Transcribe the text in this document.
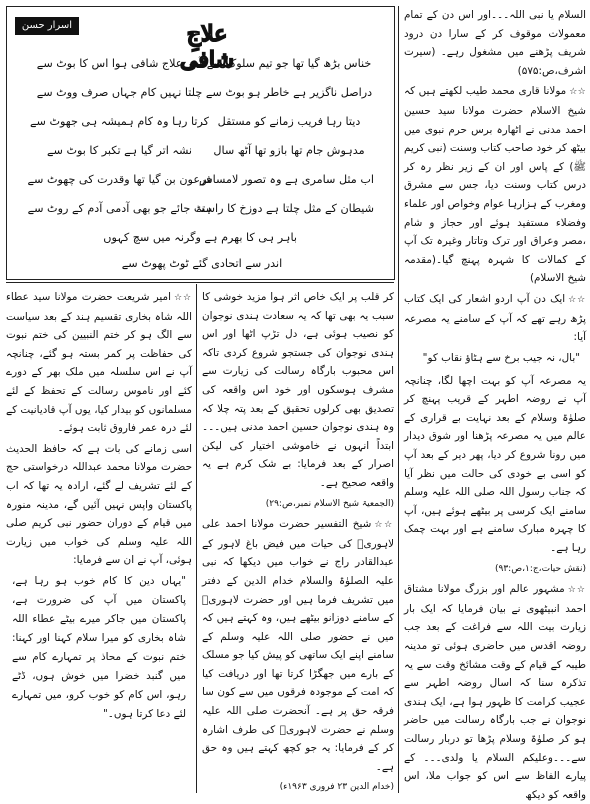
علاجِ شافی
اسرار حسن پوری
خناس بڑھ گیا تھا جو تیم سلوک سے
آخر علاج شافی ہوا اس کا بوٹ سے
دراصل ناگزیر ہے خاطر ہو بوٹ سے
چلتا نہیں کام جہاں صرف ووٹ سے
دیتا رہا فریب زمانے کو مستقل
کرتا رہا وہ کام ہمیشہ ہی جھوٹ سے
مدہوش جام تھا بازو تھا آٹھ سال
نشہ اتر گیا ہے تکبر کا بوٹ سے
اب مثل سامری ہے وہ تصور لامساس
فرعون بن گیا تھا وقدرت کی چھوٹ سے
شیطان کے مثل چلتا ہے دوزخ کا راستہ
ہٹ جائے جو بھی آدمی آدم کے روٹ سے
باہر ہی کا بھرم ہے وگرنہ میں سچ کہوں
اندر سے اتحادی گئے ٹوٹ پھوٹ سے

السلام یا نبی اللہ۔۔۔اور اس دن کے تمام معمولات موقوف کر کے سارا دن درود شریف پڑھنے میں مشغول رہے۔ (سیرت اشرف،ص:۵۷۵)

☆☆مولانا قاری محمد طیب لکھتے ہیں کہ شیخ الاسلام حضرت مولانا سید حسین احمد مدنی نے اٹھارہ برس حرم نبوی میں بیٹھ کر خود صاحب کتاب وسنت (نبی کریم ﷺ) کے پاس اور ان کے زیر نظر رہ کر درس کتاب وسنت دیا، جس سے مشرق ومغرب کے ہزارہا عوام وخواص اور علماء وفضلاء مستفید ہوئے اور حجاز و شام ،مصر وعراق اور ترک وتاتار وغیرہ تک آپ کے کمالات کا شہرہ پہنچ گیا۔(مقدمہ شیخ الاسلام)

☆☆ایک دن آپ اردو اشعار کی ایک کتاب پڑھ رہے تھے کہ آپ کے سامنے یہ مصرعہ آیا:

"بال، نہ جیب برخ سے ہٹاؤ نقاب کو"

یہ مصرعہ آپ کو بہت اچھا لگا، چنانچہ آپ نے روضہ اطہر کے قریب پہنچ کر صلوٰۃ وسلام کے بعد نہایت بے قراری کے عالم میں یہ مصرعہ پڑھنا اور شوق دیدار میں رونا شروع کر دیا، پھر دیر کے بعد آپ کو اسی بے خودی کی حالت میں نظر آیا کہ جناب رسول اللہ صلی اللہ علیہ وسلم سامنے ایک کرسی پر بیٹھے ہوئے ہیں، آپ کا چہرہ مبارک سامنے ہے اور بہت چمک رہا ہے۔

(نقش حیات،ج:۱،ص:۹۳)

☆☆مشہور عالم اور بزرگ مولانا مشتاق احمد انبیٹھوی نے بیان فرمایا کہ ایک بار زیارت بیت اللہ سے فراغت کے بعد جب روضہ اقدس میں حاضری ہوئی تو مدینہ طیبہ کے قیام کے وقت مشائخ وقت سے یہ تذکرہ سنا کہ اسال روضہ اطہر سے عجیب کرامت کا ظہور ہوا ہے، ایک ہندی نوجوان نے جب بارگاہ رسالت میں حاضر ہو کر صلوٰۃ وسلام پڑھا تو دربار رسالت سے۔۔۔وعلیکم السلام یا ولدی۔۔۔ کے پیارے الفاظ سے اس کو جواب ملا، اس واقعہ کو دیکھ

کر قلب پر ایک خاص اثر ہوا مزید خوشی کا سبب یہ بھی تھا کہ یہ سعادت ہندی نوجوان کو نصیب ہوئی ہے، دل تڑپ اٹھا اور اس ہندی نوجوان کی جستجو شروع کردی تاکہ اس محبوب بارگاہ رسالت کی زیارت سے مشرف ہوسکوں اور خود اس واقعہ کی تصدیق بھی کرلوں تحقیق کے بعد پتہ چلا کہ وہ ہندی نوجوان حسین احمد مدنی ہیں۔۔۔ ابتداً انہوں نے خاموشی اختیار کی لیکن اصرار کے بعد فرمایا: بے شک کرم ہے یہ واقعہ صحیح ہے۔

(الجمعیۃ شیخ الاسلام نمبر،ص:۲۹)

☆☆شیخ التفسیر حضرت مولانا احمد علی لاہوریؒ کی حیات میں فیض باغ لاہور کے عبدالقادر راج نے خواب میں دیکھا کہ نبی علیہ الصلوٰۃ والسلام خدام الدین کے دفتر میں تشریف فرما ہیں اور حضرت لاہوریؒ کے سامنے دوزانو بیٹھے ہیں، وہ کہتے ہیں کہ میں نے حضور صلی اللہ علیہ وسلم کے سامنے اپنے ایک ساتھی کو پیش کیا جو مسلک کے بارے میں جھگڑا کرتا تھا اور دریافت کیا کہ امت کے موجودہ فرقوں میں سے کون سا فرقہ حق پر ہے۔ آنحضرت صلی اللہ علیہ وسلم نے حضرت لاہوریؒ کی طرف اشارہ کر کے فرمایا: یہ جو کچھ کہتے ہیں وہ حق ہے۔

(خدام الدین ۲۳ فروری ۱۹۶۳ء)

☆☆امیر شریعت حضرت مولانا سید عطاء اللہ شاہ بخاری تقسیم ہند کے بعد سیاست سے الگ ہو کر ختم النبیین کی ختم نبوت کی حفاظت پر کمر بستہ ہو گئے، چنانچہ آپ نے اس سلسلہ میں ملک بھر کے دورے کئے اور ناموس رسالت کے تحفظ کے لئے مسلمانوں کو بیدار کیا، یوں آپ قادیانیت کے لئے درہ عمر فاروق ثابت ہوئے۔

اسی زمانے کی بات ہے کہ حافظ الحدیث حضرت مولانا محمد عبداللہ درخواستی حج کے لئے تشریف لے گئے، ارادہ یہ تھا کہ اب پاکستان واپس نہیں آئیں گے، مدینہ منورہ میں قیام کے دوران حضور نبی کریم صلی اللہ علیہ وسلم کی خواب میں زیارت ہوئی، آپ نے ان سے فرمایا:

"یہاں دین کا کام خوب ہو رہا ہے، پاکستان میں آپ کی ضرورت ہے، پاکستان میں جاکر میرے بیٹے عطاء اللہ شاہ بخاری کو میرا سلام کہنا اور کہنا: ختم نبوت کے محاذ پر تمہارے کام سے میں گنبد خضرا میں خوش ہوں، ڈٹے رہو، اس کام کو خوب کرو، میں تمہارے لئے دعا کرتا ہوں۔"
